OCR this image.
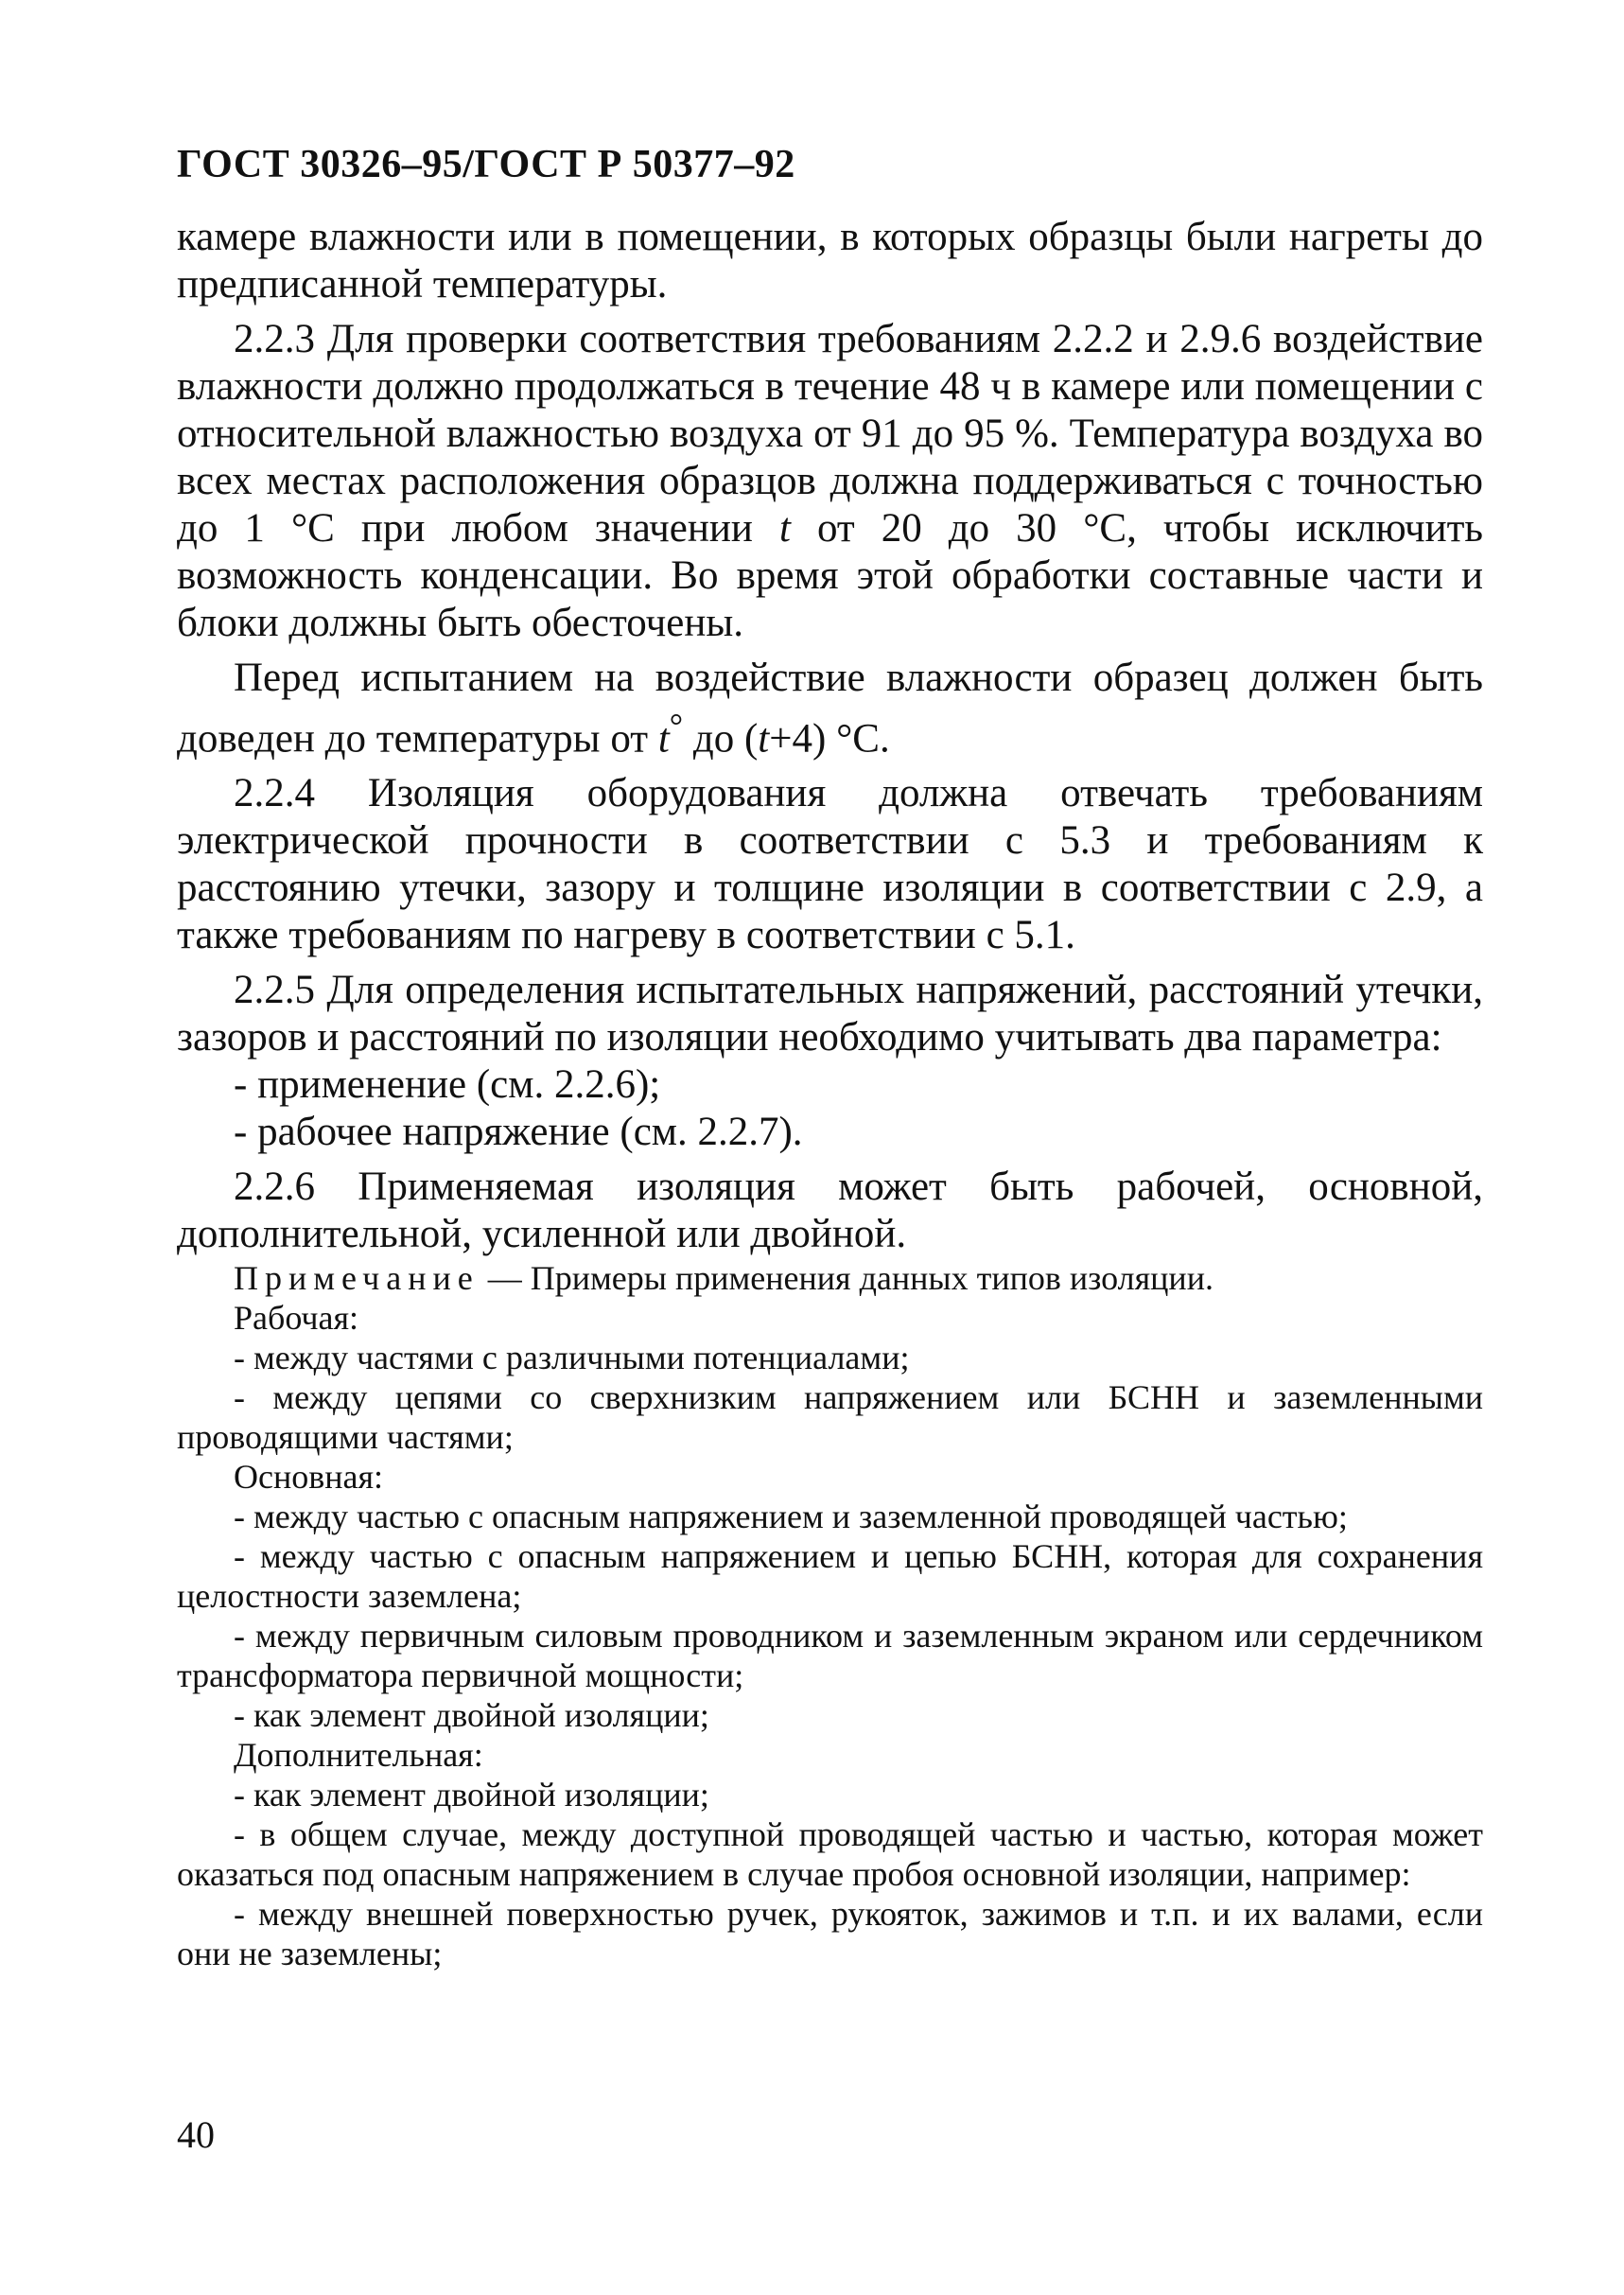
ГОСТ 30326–95/ГОСТ Р 50377–92

камере влажности или в помещении, в которых образцы были нагреты до предписанной температуры.

2.2.3 Для проверки соответствия требованиям 2.2.2 и 2.9.6 воздействие влажности должно продолжаться в течение 48 ч в камере или помещении с относительной влажностью воздуха от 91 до 95 %. Температура воздуха во всех местах расположения образцов должна поддерживаться с точностью до 1 °С при любом значении t от 20 до 30 °С, чтобы исключить возможность конденсации. Во время этой обработки составные части и блоки должны быть обесточены.

Перед испытанием на воздействие влажности образец должен быть доведен до температуры от t° до (t+4) °С.

2.2.4 Изоляция оборудования должна отвечать требованиям электрической прочности в соответствии с 5.3 и требованиям к расстоянию утечки, зазору и толщине изоляции в соответствии с 2.9, а также требованиям по нагреву в соответствии с 5.1.

2.2.5 Для определения испытательных напряжений, расстояний утечки, зазоров и расстояний по изоляции необходимо учитывать два параметра:

- применение (см. 2.2.6);

- рабочее напряжение (см. 2.2.7).

2.2.6 Применяемая изоляция может быть рабочей, основной, дополнительной, усиленной или двойной.

Примечание — Примеры применения данных типов изоляции.

Рабочая:

- между частями с различными потенциалами;

- между цепями со сверхнизким напряжением или БСНН и заземленными проводящими частями;

Основная:

- между частью с опасным напряжением и заземленной проводящей частью;

- между частью с опасным напряжением и цепью БСНН, которая для сохранения целостности заземлена;

- между первичным силовым проводником и заземленным экраном или сердечником трансформатора первичной мощности;

- как элемент двойной изоляции;

Дополнительная:

- как элемент двойной изоляции;

- в общем случае, между доступной проводящей частью и частью, которая может оказаться под опасным напряжением в случае пробоя основной изоляции, например:

- между внешней поверхностью ручек, рукояток, зажимов и т.п. и их валами, если они не заземлены;

40
